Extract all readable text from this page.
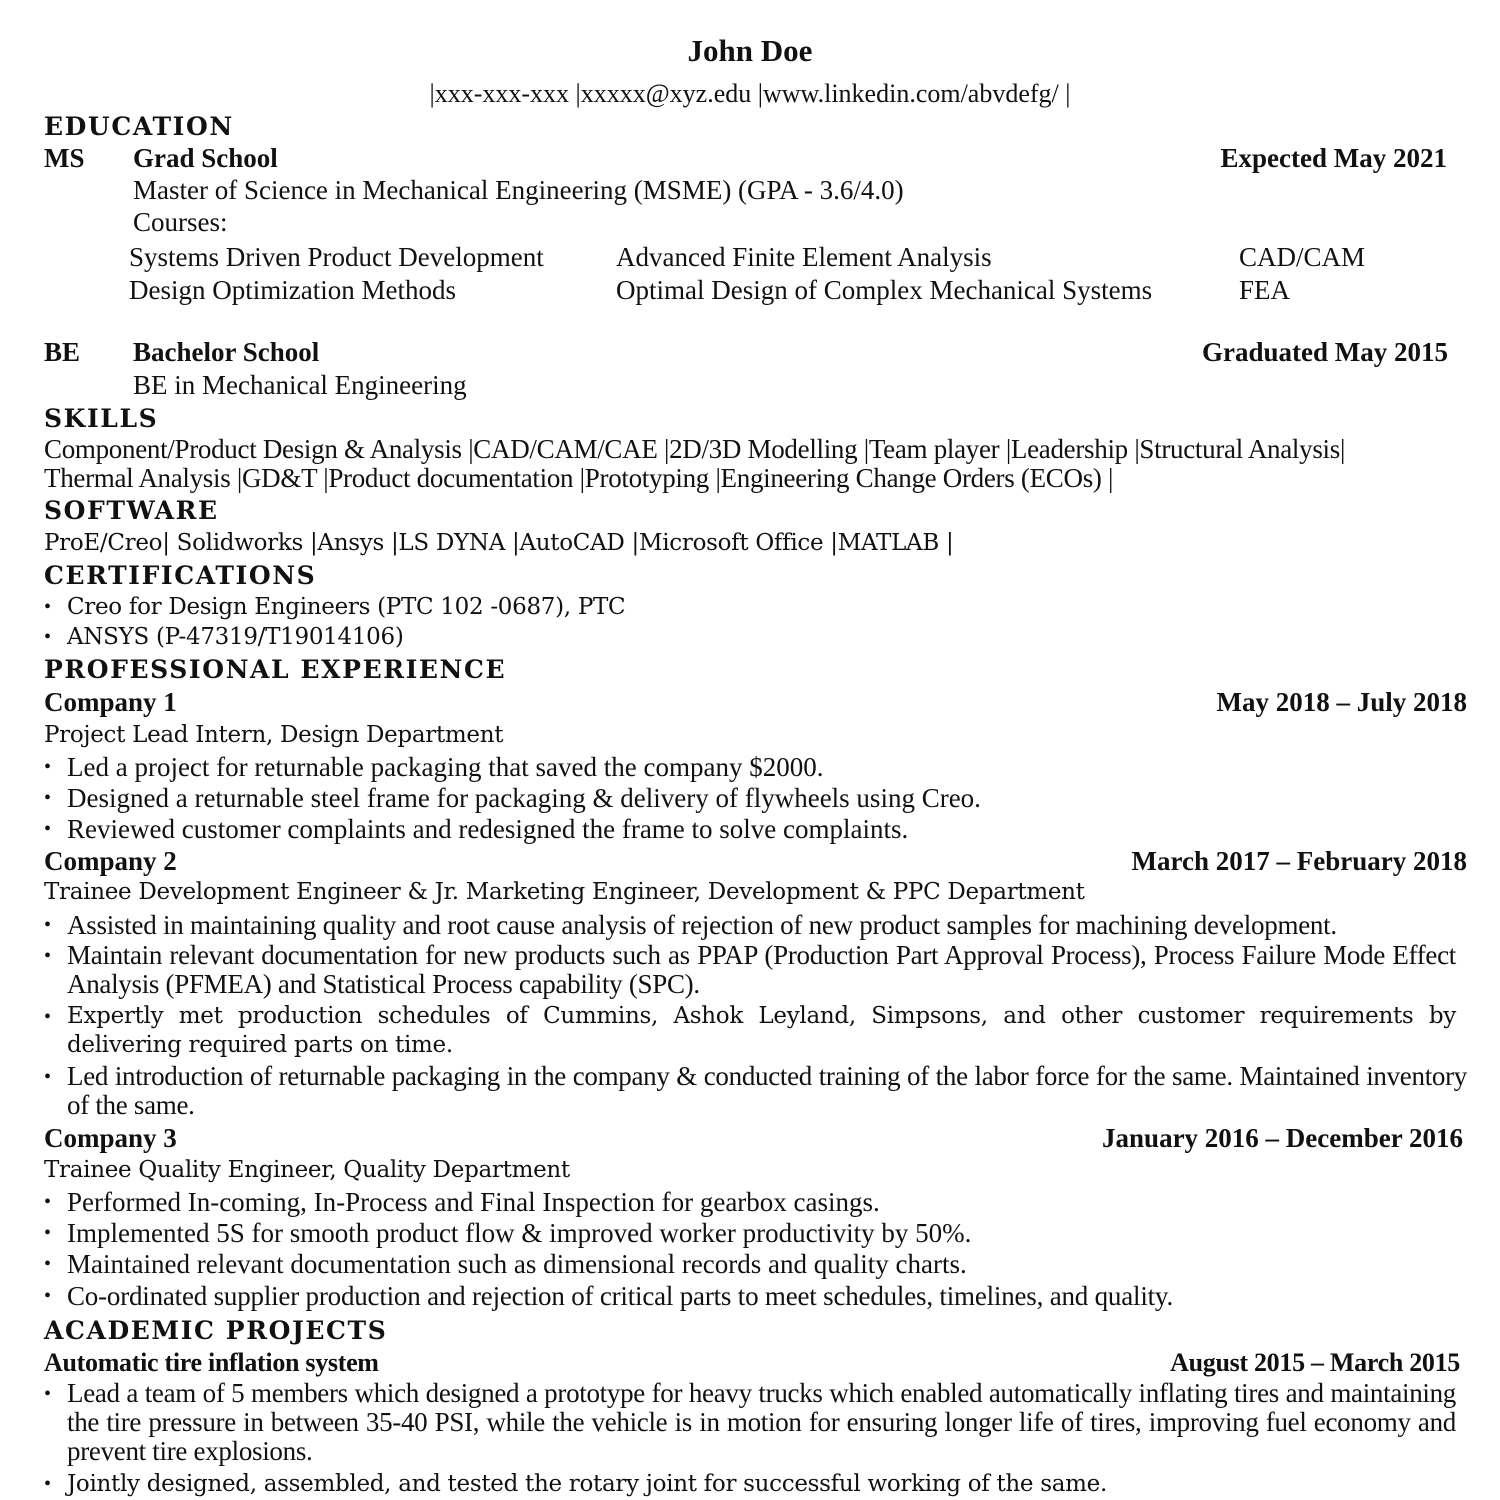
John Doe
|xxx-xxx-xxx |xxxxx@xyz.edu |www.linkedin.com/abvdefg/ |
EDUCATION
MS Grad School	Expected May 2021
Master of Science in Mechanical Engineering (MSME) (GPA - 3.6/4.0)
Courses:
Systems Driven Product Development	Advanced Finite Element Analysis	CAD/CAM
Design Optimization Methods	Optimal Design of Complex Mechanical Systems	FEA
BE Bachelor School	Graduated May 2015
BE in Mechanical Engineering
SKILLS
Component/Product Design & Analysis |CAD/CAM/CAE |2D/3D Modelling |Team player |Leadership |Structural Analysis|
Thermal Analysis |GD&T |Product documentation |Prototyping |Engineering Change Orders (ECOs) |
SOFTWARE
ProE/Creo| Solidworks |Ansys |LS DYNA |AutoCAD |Microsoft Office |MATLAB |
CERTIFICATIONS
• Creo for Design Engineers (PTC 102 -0687), PTC
• ANSYS (P-47319/T19014106)
PROFESSIONAL EXPERIENCE
Company 1	May 2018 – July 2018
Project Lead Intern, Design Department
• Led a project for returnable packaging that saved the company $2000.
• Designed a returnable steel frame for packaging & delivery of flywheels using Creo.
• Reviewed customer complaints and redesigned the frame to solve complaints.
Company 2	March 2017 – February 2018
Trainee Development Engineer & Jr. Marketing Engineer, Development & PPC Department
• Assisted in maintaining quality and root cause analysis of rejection of new product samples for machining development.
• Maintain relevant documentation for new products such as PPAP (Production Part Approval Process), Process Failure Mode Effect Analysis (PFMEA) and Statistical Process capability (SPC).
• Expertly met production schedules of Cummins, Ashok Leyland, Simpsons, and other customer requirements by delivering required parts on time.
• Led introduction of returnable packaging in the company & conducted training of the labor force for the same. Maintained inventory of the same.
Company 3	January 2016 – December 2016
Trainee Quality Engineer, Quality Department
• Performed In-coming, In-Process and Final Inspection for gearbox casings.
• Implemented 5S for smooth product flow & improved worker productivity by 50%.
• Maintained relevant documentation such as dimensional records and quality charts.
• Co-ordinated supplier production and rejection of critical parts to meet schedules, timelines, and quality.
ACADEMIC PROJECTS
Automatic tire inflation system	August 2015 – March 2015
• Lead a team of 5 members which designed a prototype for heavy trucks which enabled automatically inflating tires and maintaining the tire pressure in between 35-40 PSI, while the vehicle is in motion for ensuring longer life of tires, improving fuel economy and prevent tire explosions.
• Jointly designed, assembled, and tested the rotary joint for successful working of the same.
